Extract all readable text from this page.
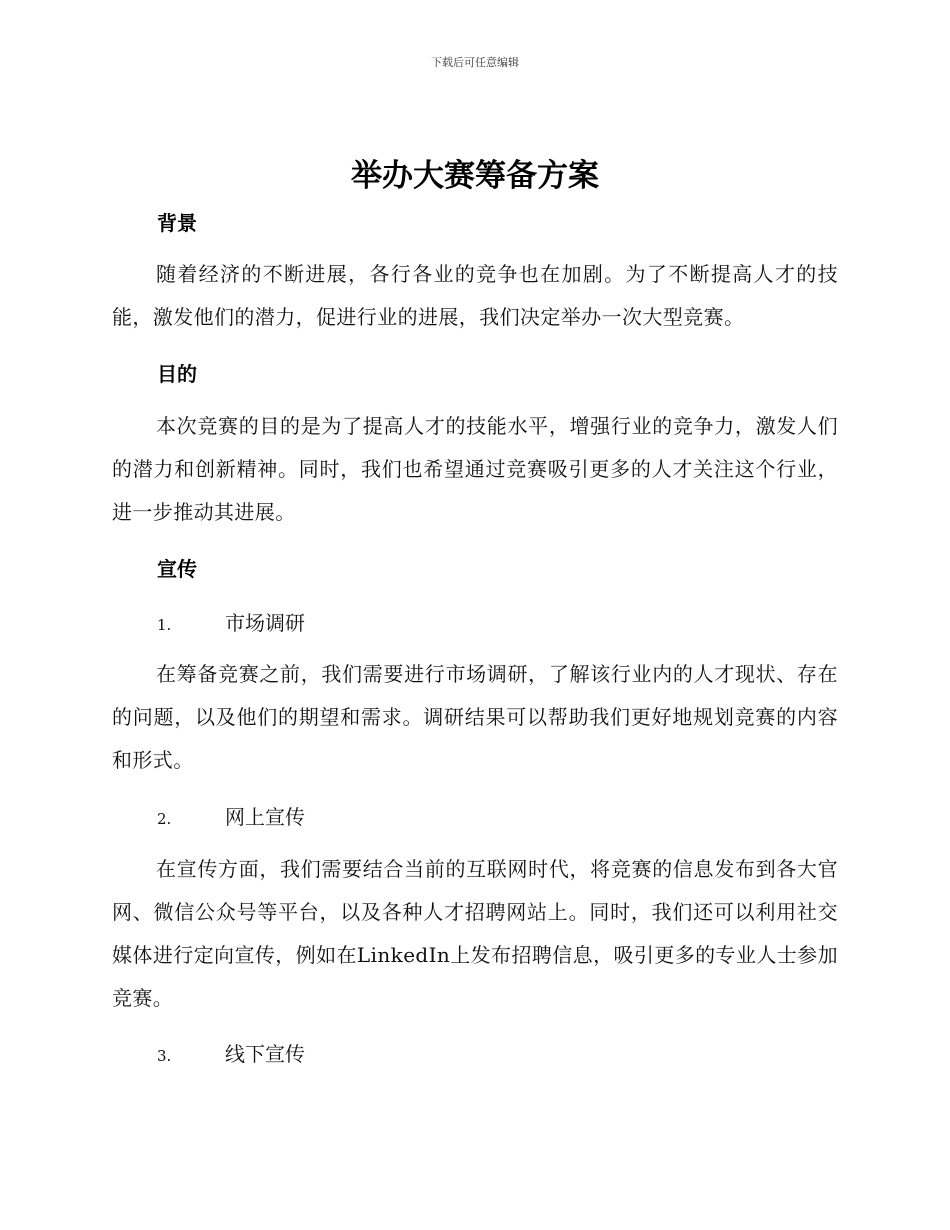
下载后可任意编辑
举办大赛筹备方案
背景
随着经济的不断进展，各行各业的竞争也在加剧。为了不断提高人才的技能，激发他们的潜力，促进行业的进展，我们决定举办一次大型竞赛。
目的
本次竞赛的目的是为了提高人才的技能水平，增强行业的竞争力，激发人们的潜力和创新精神。同时，我们也希望通过竞赛吸引更多的人才关注这个行业，进一步推动其进展。
宣传
1.	市场调研
在筹备竞赛之前，我们需要进行市场调研，了解该行业内的人才现状、存在的问题，以及他们的期望和需求。调研结果可以帮助我们更好地规划竞赛的内容和形式。
2.	网上宣传
在宣传方面，我们需要结合当前的互联网时代，将竞赛的信息发布到各大官网、微信公众号等平台，以及各种人才招聘网站上。同时，我们还可以利用社交媒体进行定向宣传，例如在LinkedIn上发布招聘信息，吸引更多的专业人士参加竞赛。
3.	线下宣传
